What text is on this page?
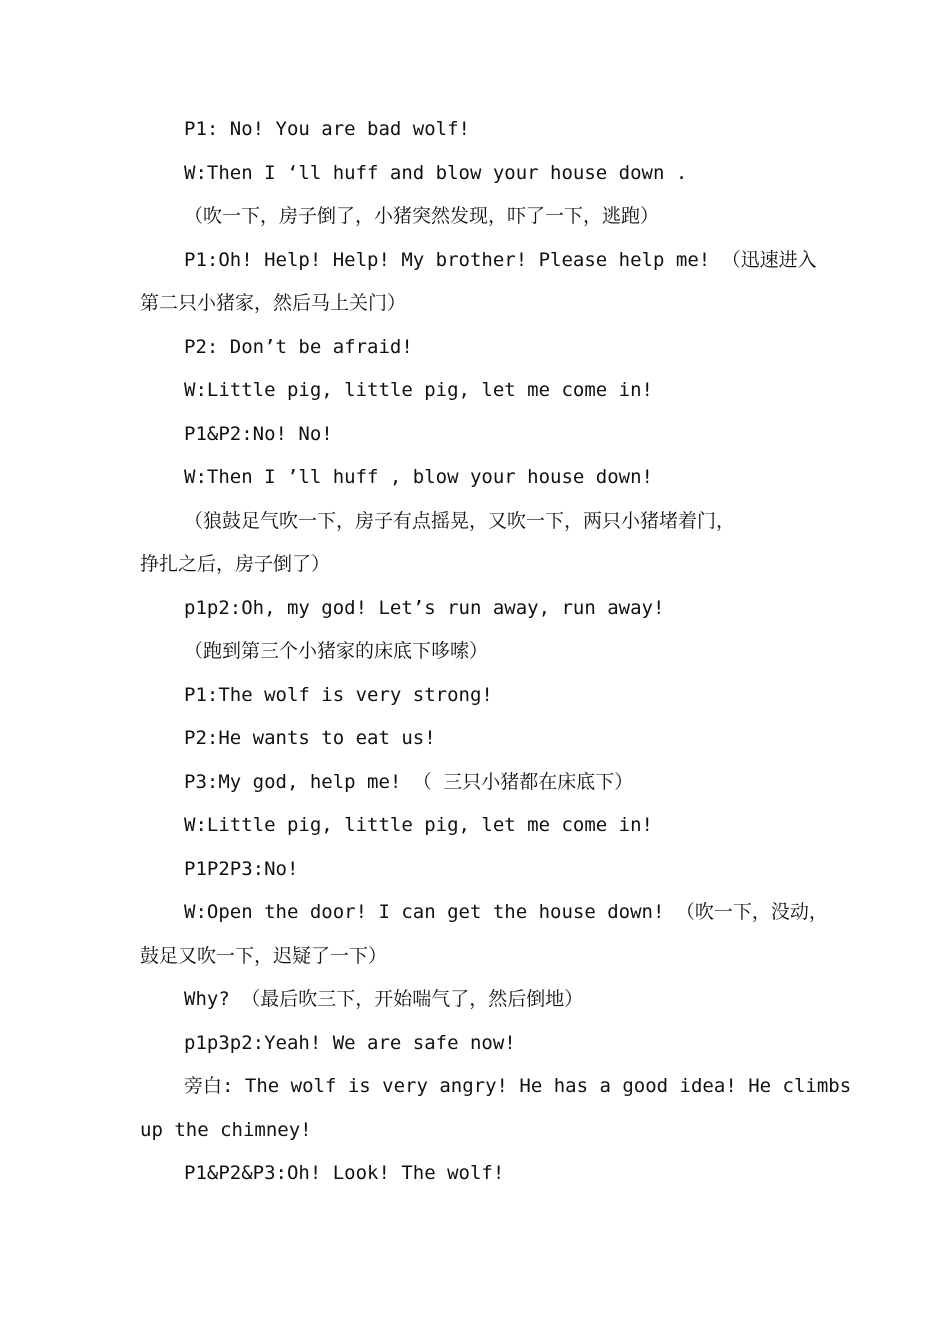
P1: No! You are bad wolf!
W:Then I ‘ll huff and blow your house down .
（吹一下，房子倒了，小猪突然发现，吓了一下，逃跑）
P1:Oh! Help! Help! My brother! Please help me! （迅速进入
第二只小猪家，然后马上关门）
P2: Don’t be afraid!
W:Little pig, little pig, let me come in!
P1&P2:No! No!
W:Then I ’ll huff , blow your house down!
（狼鼓足气吹一下，房子有点摇晃，又吹一下，两只小猪堵着门，
挣扎之后，房子倒了）
p1p2:Oh, my god! Let’s run away, run away!
（跑到第三个小猪家的床底下哆嗦）
P1:The wolf is very strong!
P2:He wants to eat us!
P3:My god, help me! （ 三只小猪都在床底下）
W:Little pig, little pig, let me come in!
P1P2P3:No!
W:Open the door! I can get the house down! （吹一下，没动，
鼓足又吹一下，迟疑了一下）
Why? （最后吹三下，开始喘气了，然后倒地）
p1p3p2:Yeah! We are safe now!
旁白: The wolf is very angry! He has a good idea! He climbs
up the chimney!
P1&P2&P3:Oh! Look! The wolf!
